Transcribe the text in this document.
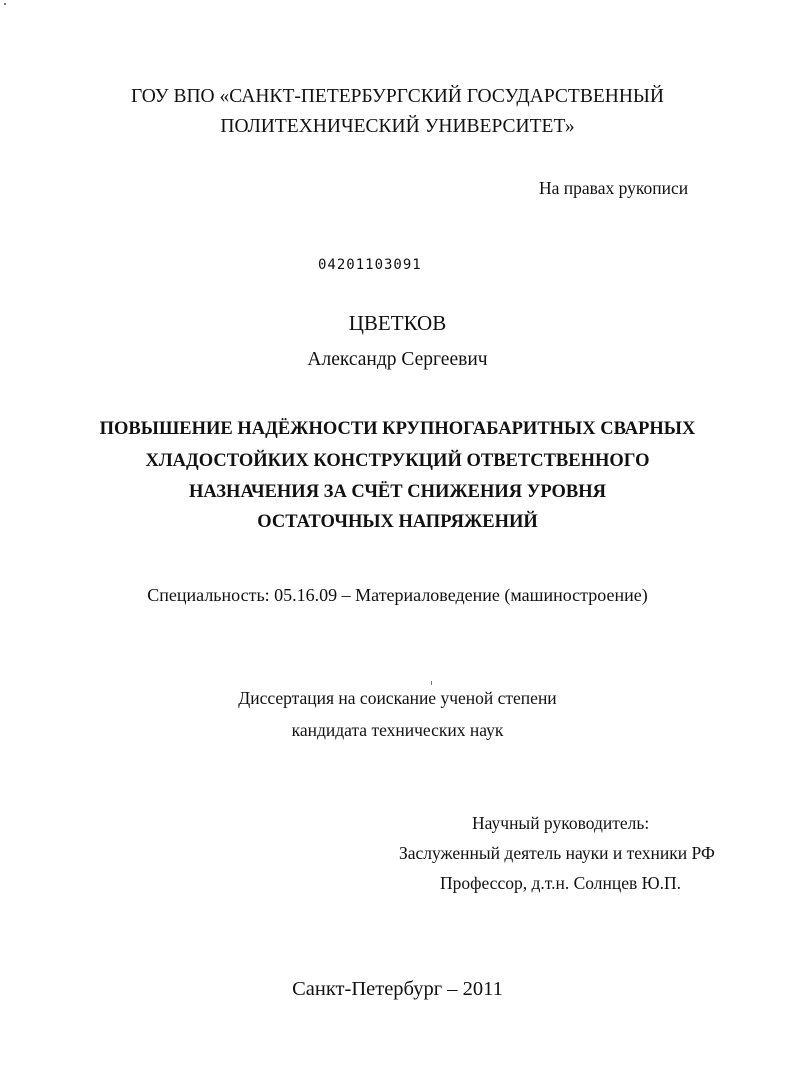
ГОУ ВПО «САНКТ-ПЕТЕРБУРГСКИЙ ГОСУДАРСТВЕННЫЙ
ПОЛИТЕХНИЧЕСКИЙ УНИВЕРСИТЕТ»
На правах рукописи
04201103091
ЦВЕТКОВ
Александр Сергеевич
ПОВЫШЕНИЕ НАДЁЖНОСТИ КРУПНОГАБАРИТНЫХ СВАРНЫХ
ХЛАДОСТОЙКИХ КОНСТРУКЦИЙ ОТВЕТСТВЕННОГО
НАЗНАЧЕНИЯ ЗА СЧЁТ СНИЖЕНИЯ УРОВНЯ
ОСТАТОЧНЫХ НАПРЯЖЕНИЙ
Специальность: 05.16.09 – Материаловедение (машиностроение)
Диссертация на соискание ученой степени
кандидата технических наук
Научный руководитель:
Заслуженный деятель науки и техники РФ
Профессор, д.т.н. Солнцев Ю.П.
Санкт-Петербург – 2011
